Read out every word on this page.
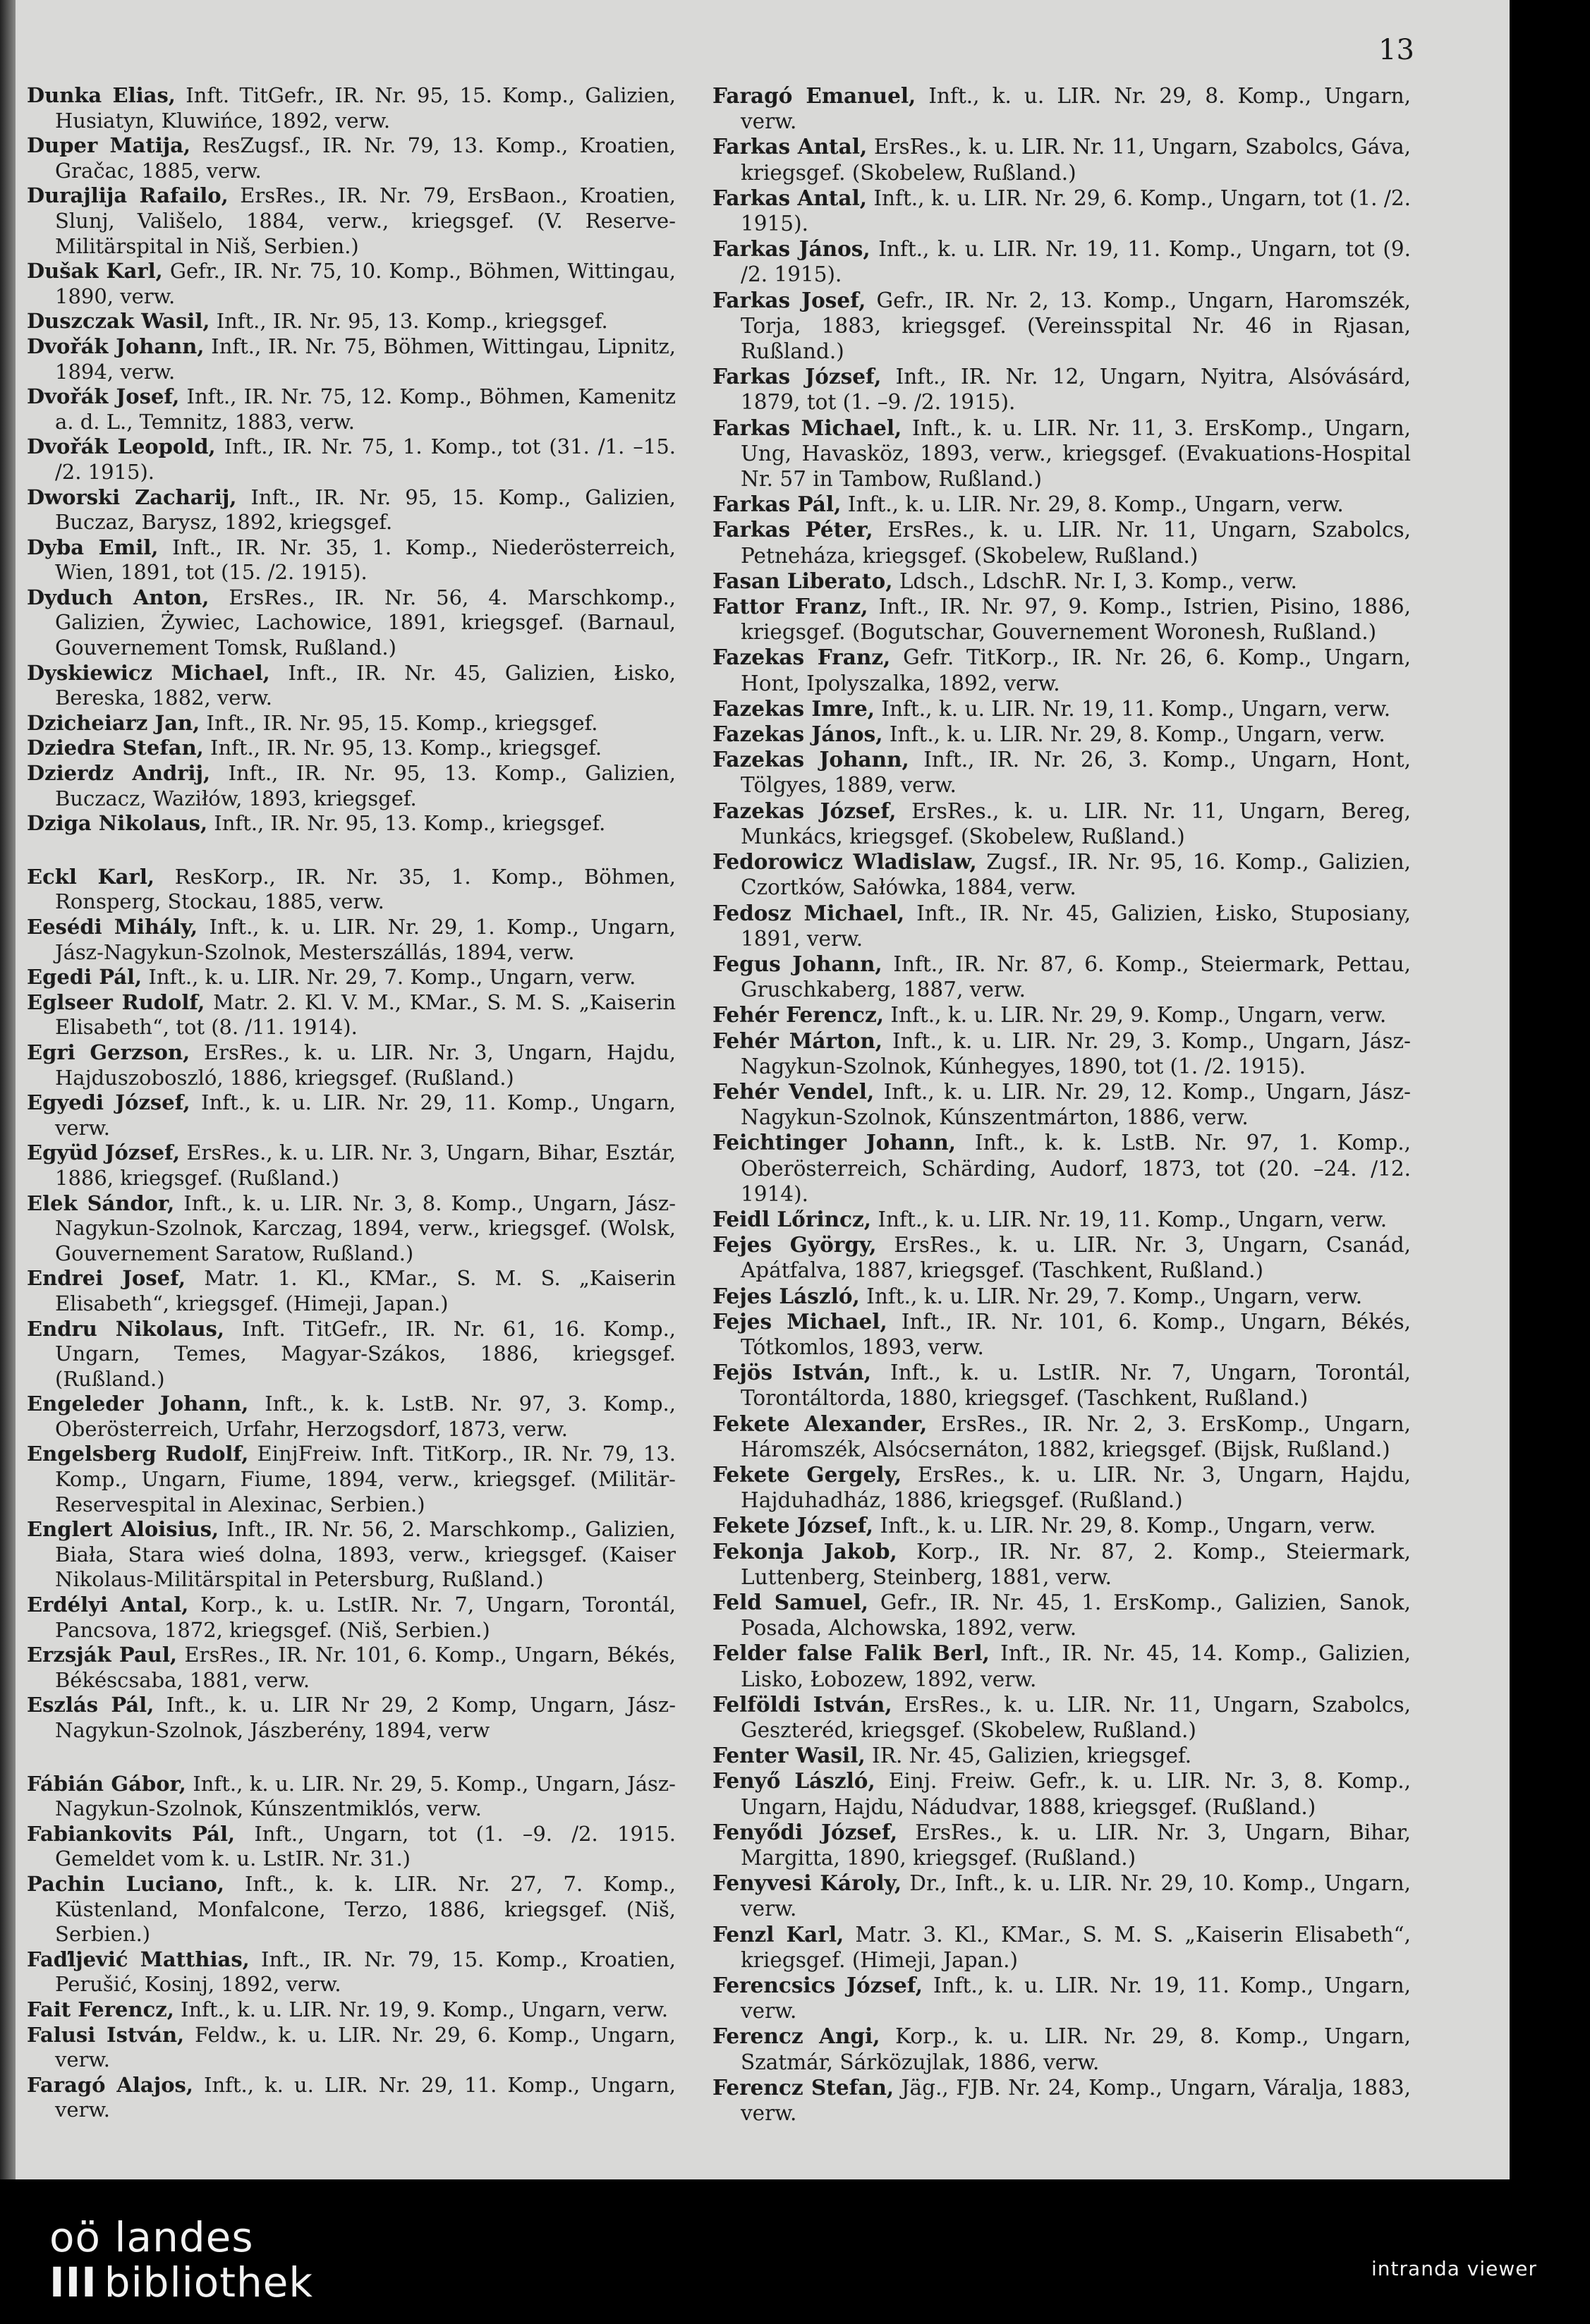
13

Dunka Elias, Inft. TitGefr., IR. Nr. 95, 15. Komp., Galizien, Husiatyn, Kluwińce, 1892, verw.

Duper Matija, ResZugsf., IR. Nr. 79, 13. Komp., Kroatien, Gračac, 1885, verw.

Durajlija Rafailo, ErsRes., IR. Nr. 79, ErsBaon., Kroatien, Slunj, Vališelo, 1884, verw., kriegsgef. (V. Reserve-Militärspital in Niš, Serbien.)

Dušak Karl, Gefr., IR. Nr. 75, 10. Komp., Böhmen, Wittingau, 1890, verw.

Duszczak Wasil, Inft., IR. Nr. 95, 13. Komp., kriegsgef.

Dvořák Johann, Inft., IR. Nr. 75, Böhmen, Wittingau, Lipnitz, 1894, verw.

Dvořák Josef, Inft., IR. Nr. 75, 12. Komp., Böhmen, Kamenitz a. d. L., Temnitz, 1883, verw.

Dvořák Leopold, Inft., IR. Nr. 75, 1. Komp., tot (31. /1. –15. /2. 1915).

Dworski Zacharij, Inft., IR. Nr. 95, 15. Komp., Galizien, Buczaz, Barysz, 1892, kriegsgef.

Dyba Emil, Inft., IR. Nr. 35, 1. Komp., Niederösterreich, Wien, 1891, tot (15. /2. 1915).

Dyduch Anton, ErsRes., IR. Nr. 56, 4. Marschkomp., Galizien, Żywiec, Lachowice, 1891, kriegsgef. (Barnaul, Gouvernement Tomsk, Rußland.)

Dyskiewicz Michael, Inft., IR. Nr. 45, Galizien, Łisko, Bereska, 1882, verw.

Dzicheiarz Jan, Inft., IR. Nr. 95, 15. Komp., kriegsgef.

Dziedra Stefan, Inft., IR. Nr. 95, 13. Komp., kriegsgef.

Dzierdz Andrij, Inft., IR. Nr. 95, 13. Komp., Galizien, Buczacz, Waziłów, 1893, kriegsgef.

Dziga Nikolaus, Inft., IR. Nr. 95, 13. Komp., kriegsgef.

Eckl Karl, ResKorp., IR. Nr. 35, 1. Komp., Böhmen, Ronsperg, Stockau, 1885, verw.

Eesédi Mihály, Inft., k. u. LIR. Nr. 29, 1. Komp., Ungarn, Jász-Nagykun-Szolnok, Mesterszállás, 1894, verw.

Egedi Pál, Inft., k. u. LIR. Nr. 29, 7. Komp., Ungarn, verw.

Eglseer Rudolf, Matr. 2. Kl. V. M., KMar., S. M. S. „Kaiserin Elisabeth“, tot (8. /11. 1914).

Egri Gerzson, ErsRes., k. u. LIR. Nr. 3, Ungarn, Hajdu, Hajduszoboszló, 1886, kriegsgef. (Rußland.)

Egyedi József, Inft., k. u. LIR. Nr. 29, 11. Komp., Ungarn, verw.

Együd József, ErsRes., k. u. LIR. Nr. 3, Ungarn, Bihar, Esztár, 1886, kriegsgef. (Rußland.)

Elek Sándor, Inft., k. u. LIR. Nr. 3, 8. Komp., Ungarn, Jász-Nagykun-Szolnok, Karczag, 1894, verw., kriegsgef. (Wolsk, Gouvernement Saratow, Rußland.)

Endrei Josef, Matr. 1. Kl., KMar., S. M. S. „Kaiserin Elisabeth“, kriegsgef. (Himeji, Japan.)

Endru Nikolaus, Inft. TitGefr., IR. Nr. 61, 16. Komp., Ungarn, Temes, Magyar-Szákos, 1886, kriegsgef. (Rußland.)

Engeleder Johann, Inft., k. k. LstB. Nr. 97, 3. Komp., Oberösterreich, Urfahr, Herzogsdorf, 1873, verw.

Engelsberg Rudolf, EinjFreiw. Inft. TitKorp., IR. Nr. 79, 13. Komp., Ungarn, Fiume, 1894, verw., kriegsgef. (Militär-Reservespital in Alexinac, Serbien.)

Englert Aloisius, Inft., IR. Nr. 56, 2. Marschkomp., Galizien, Biała, Stara wieś dolna, 1893, verw., kriegsgef. (Kaiser Nikolaus-Militärspital in Petersburg, Rußland.)

Erdélyi Antal, Korp., k. u. LstIR. Nr. 7, Ungarn, Torontál, Pancsova, 1872, kriegsgef. (Niš, Serbien.)

Erzsják Paul, ErsRes., IR. Nr. 101, 6. Komp., Ungarn, Békés, Békéscsaba, 1881, verw.

Eszlás Pál, Inft., k. u. LIR Nr 29, 2 Komp, Ungarn, Jász-Nagykun-Szolnok, Jászberény, 1894, verw

Fábián Gábor, Inft., k. u. LIR. Nr. 29, 5. Komp., Ungarn, Jász-Nagykun-Szolnok, Kúnszentmiklós, verw.

Fabiankovits Pál, Inft., Ungarn, tot (1. –9. /2. 1915. Gemeldet vom k. u. LstIR. Nr. 31.)

Pachin Luciano, Inft., k. k. LIR. Nr. 27, 7. Komp., Küstenland, Monfalcone, Terzo, 1886, kriegsgef. (Niš, Serbien.)

Faďljević Matthias, Inft., IR. Nr. 79, 15. Komp., Kroatien, Perušić, Kosinj, 1892, verw.

Fait Ferencz, Inft., k. u. LIR. Nr. 19, 9. Komp., Ungarn, verw.

Falusi István, Feldw., k. u. LIR. Nr. 29, 6. Komp., Ungarn, verw.

Faragó Alajos, Inft., k. u. LIR. Nr. 29, 11. Komp., Ungarn, verw.

Faragó Emanuel, Inft., k. u. LIR. Nr. 29, 8. Komp., Ungarn, verw.

Farkas Antal, ErsRes., k. u. LIR. Nr. 11, Ungarn, Szabolcs, Gáva, kriegsgef. (Skobelew, Rußland.)

Farkas Antal, Inft., k. u. LIR. Nr. 29, 6. Komp., Ungarn, tot (1. /2. 1915).

Farkas János, Inft., k. u. LIR. Nr. 19, 11. Komp., Ungarn, tot (9. /2. 1915).

Farkas Josef, Gefr., IR. Nr. 2, 13. Komp., Ungarn, Haromszék, Torja, 1883, kriegsgef. (Vereinsspital Nr. 46 in Rjasan, Rußland.)

Farkas József, Inft., IR. Nr. 12, Ungarn, Nyitra, Alsóvásárd, 1879, tot (1. –9. /2. 1915).

Farkas Michael, Inft., k. u. LIR. Nr. 11, 3. ErsKomp., Ungarn, Ung, Havasköz, 1893, verw., kriegsgef. (Evakuations-Hospital Nr. 57 in Tambow, Rußland.)

Farkas Pál, Inft., k. u. LIR. Nr. 29, 8. Komp., Ungarn, verw.

Farkas Péter, ErsRes., k. u. LIR. Nr. 11, Ungarn, Szabolcs, Petneháza, kriegsgef. (Skobelew, Rußland.)

Fasan Liberato, Ldsch., LdschR. Nr. I, 3. Komp., verw.

Fattor Franz, Inft., IR. Nr. 97, 9. Komp., Istrien, Pisino, 1886, kriegsgef. (Bogutschar, Gouvernement Woronesh, Rußland.)

Fazekas Franz, Gefr. TitKorp., IR. Nr. 26, 6. Komp., Ungarn, Hont, Ipolyszalka, 1892, verw.

Fazekas Imre, Inft., k. u. LIR. Nr. 19, 11. Komp., Ungarn, verw.

Fazekas János, Inft., k. u. LIR. Nr. 29, 8. Komp., Ungarn, verw.

Fazekas Johann, Inft., IR. Nr. 26, 3. Komp., Ungarn, Hont, Tölgyes, 1889, verw.

Fazekas József, ErsRes., k. u. LIR. Nr. 11, Ungarn, Bereg, Munkács, kriegsgef. (Skobelew, Rußland.)

Fedorowicz Wladislaw, Zugsf., IR. Nr. 95, 16. Komp., Galizien, Czortków, Sałówka, 1884, verw.

Fedosz Michael, Inft., IR. Nr. 45, Galizien, Łisko, Stuposiany, 1891, verw.

Fegus Johann, Inft., IR. Nr. 87, 6. Komp., Steiermark, Pettau, Gruschkaberg, 1887, verw.

Fehér Ferencz, Inft., k. u. LIR. Nr. 29, 9. Komp., Ungarn, verw.

Fehér Márton, Inft., k. u. LIR. Nr. 29, 3. Komp., Ungarn, Jász-Nagykun-Szolnok, Kúnhegyes, 1890, tot (1. /2. 1915).

Fehér Vendel, Inft., k. u. LIR. Nr. 29, 12. Komp., Ungarn, Jász-Nagykun-Szolnok, Kúnszentmárton, 1886, verw.

Feichtinger Johann, Inft., k. k. LstB. Nr. 97, 1. Komp., Oberösterreich, Schärding, Audorf, 1873, tot (20. –24. /12. 1914).

Feidl Lőrincz, Inft., k. u. LIR. Nr. 19, 11. Komp., Ungarn, verw.

Fejes György, ErsRes., k. u. LIR. Nr. 3, Ungarn, Csanád, Apátfalva, 1887, kriegsgef. (Taschkent, Rußland.)

Fejes László, Inft., k. u. LIR. Nr. 29, 7. Komp., Ungarn, verw.

Fejes Michael, Inft., IR. Nr. 101, 6. Komp., Ungarn, Békés, Tótkomlos, 1893, verw.

Fejös István, Inft., k. u. LstIR. Nr. 7, Ungarn, Torontál, Torontáltorda, 1880, kriegsgef. (Taschkent, Rußland.)

Fekete Alexander, ErsRes., IR. Nr. 2, 3. ErsKomp., Ungarn, Háromszék, Alsócsernáton, 1882, kriegsgef. (Bijsk, Rußland.)

Fekete Gergely, ErsRes., k. u. LIR. Nr. 3, Ungarn, Hajdu, Hajduhadház, 1886, kriegsgef. (Rußland.)

Fekete József, Inft., k. u. LIR. Nr. 29, 8. Komp., Ungarn, verw.

Fekonja Jakob, Korp., IR. Nr. 87, 2. Komp., Steiermark, Luttenberg, Steinberg, 1881, verw.

Feld Samuel, Gefr., IR. Nr. 45, 1. ErsKomp., Galizien, Sanok, Posada, Alchowska, 1892, verw.

Felder false Falik Berl, Inft., IR. Nr. 45, 14. Komp., Galizien, Lisko, Łobozew, 1892, verw.

Felföldi István, ErsRes., k. u. LIR. Nr. 11, Ungarn, Szabolcs, Geszteréd, kriegsgef. (Skobelew, Rußland.)

Fenter Wasil, IR. Nr. 45, Galizien, kriegsgef.

Fenyő László, Einj. Freiw. Gefr., k. u. LIR. Nr. 3, 8. Komp., Ungarn, Hajdu, Nádudvar, 1888, kriegsgef. (Rußland.)

Fenyődi József, ErsRes., k. u. LIR. Nr. 3, Ungarn, Bihar, Margitta, 1890, kriegsgef. (Rußland.)

Fenyvesi Károly, Dr., Inft., k. u. LIR. Nr. 29, 10. Komp., Ungarn, verw.

Fenzl Karl, Matr. 3. Kl., KMar., S. M. S. „Kaiserin Elisabeth“, kriegsgef. (Himeji, Japan.)

Ferencsics József, Inft., k. u. LIR. Nr. 19, 11. Komp., Ungarn, verw.

Ferencz Angi, Korp., k. u. LIR. Nr. 29, 8. Komp., Ungarn, Szatmár, Sárközujlak, 1886, verw.

Ferencz Stefan, Jäg., FJB. Nr. 24, Komp., Ungarn, Váralja, 1883, verw.

oö landes
III bibliothek	intranda viewer
